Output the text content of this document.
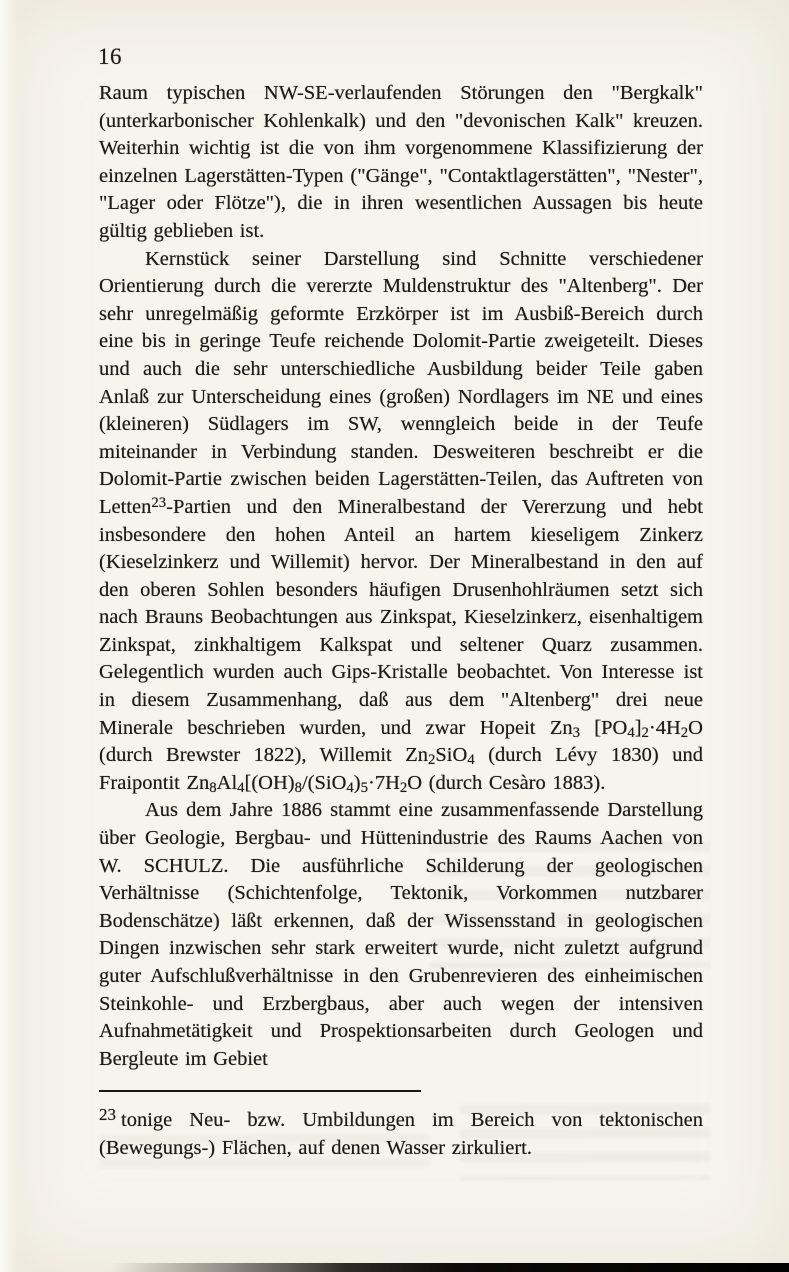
16

Raum typischen NW-SE-verlaufenden Störungen den "Bergkalk" (unterkarbonischer Kohlenkalk) und den "devonischen Kalk" kreuzen. Weiterhin wichtig ist die von ihm vorgenommene Klassifizierung der einzelnen Lagerstätten-Typen ("Gänge", "Contaktlagerstätten", "Nester", "Lager oder Flötze"), die in ihren wesentlichen Aussagen bis heute gültig geblieben ist.

Kernstück seiner Darstellung sind Schnitte verschiedener Orientierung durch die vererzte Muldenstruktur des "Altenberg". Der sehr unregelmäßig geformte Erzkörper ist im Ausbiß-Bereich durch eine bis in geringe Teufe reichende Dolomit-Partie zweigeteilt. Dieses und auch die sehr unterschiedliche Ausbildung beider Teile gaben Anlaß zur Unterscheidung eines (großen) Nordlagers im NE und eines (kleineren) Südlagers im SW, wenngleich beide in der Teufe miteinander in Verbindung standen. Desweiteren beschreibt er die Dolomit-Partie zwischen beiden Lagerstätten-Teilen, das Auftreten von Letten$^{23}$-Partien und den Mineralbestand der Vererzung und hebt insbesondere den hohen Anteil an hartem kieseligem Zinkerz (Kieselzinkerz und Willemit) hervor. Der Mineralbestand in den auf den oberen Sohlen besonders häufigen Drusenhohlräumen setzt sich nach Brauns Beobachtungen aus Zinkspat, Kieselzinkerz, eisenhaltigem Zinkspat, zinkhaltigem Kalkspat und seltener Quarz zusammen. Gelegentlich wurden auch Gips-Kristalle beobachtet. Von Interesse ist in diesem Zusammenhang, daß aus dem "Altenberg" drei neue Minerale beschrieben wurden, und zwar Hopeit $Zn_3$ $[PO_4]_2\cdot 4H_2O$ (durch Brewster 1822), Willemit $Zn_2SiO_4$ (durch Lévy 1830) und Fraipontit $Zn_8Al_4[(OH)_8/(SiO_4)_5\cdot 7H_2O$ (durch Cesàro 1883).

Aus dem Jahre 1886 stammt eine zusammenfassende Darstellung über Geologie, Bergbau- und Hüttenindustrie des Raums Aachen von W. SCHULZ. Die ausführliche Schilderung der geologischen Verhältnisse (Schichtenfolge, Tektonik, Vorkommen nutzbarer Bodenschätze) läßt erkennen, daß der Wissensstand in geologischen Dingen inzwischen sehr stark erweitert wurde, nicht zuletzt aufgrund guter Aufschlußverhältnisse in den Grubenrevieren des einheimischen Steinkohle- und Erzbergbaus, aber auch wegen der intensiven Aufnahmetätigkeit und Prospektionsarbeiten durch Geologen und Bergleute im Gebiet

$^{23}$ tonige Neu- bzw. Umbildungen im Bereich von tektonischen (Bewegungs-) Flächen, auf denen Wasser zirkuliert.
